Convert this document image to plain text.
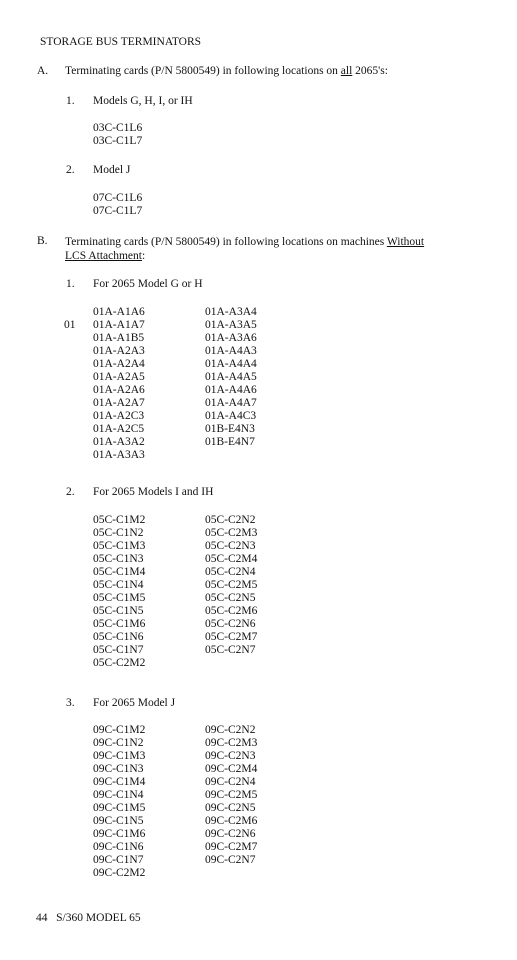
STORAGE BUS TERMINATORS
A. Terminating cards (P/N 5800549) in following locations on all 2065's:
1. Models G, H, I, or IH
03C-C1L6
03C-C1L7
2. Model J
07C-C1L6
07C-C1L7
B. Terminating cards (P/N 5800549) in following locations on machines Without
LCS Attachment:
1. For 2065 Model G or H
01
01A-A1A6
01A-A1A7
01A-A1B5
01A-A2A3
01A-A2A4
01A-A2A5
01A-A2A6
01A-A2A7
01A-A2C3
01A-A2C5
01A-A3A2
01A-A3A3
01A-A3A4
01A-A3A5
01A-A3A6
01A-A4A3
01A-A4A4
01A-A4A5
01A-A4A6
01A-A4A7
01A-A4C3
01B-E4N3
01B-E4N7
2. For 2065 Models I and IH
05C-C1M2
05C-C1N2
05C-C1M3
05C-C1N3
05C-C1M4
05C-C1N4
05C-C1M5
05C-C1N5
05C-C1M6
05C-C1N6
05C-C1N7
05C-C2M2
05C-C2N2
05C-C2M3
05C-C2N3
05C-C2M4
05C-C2N4
05C-C2M5
05C-C2N5
05C-C2M6
05C-C2N6
05C-C2M7
05C-C2N7
3. For 2065 Model J
09C-C1M2
09C-C1N2
09C-C1M3
09C-C1N3
09C-C1M4
09C-C1N4
09C-C1M5
09C-C1N5
09C-C1M6
09C-C1N6
09C-C1N7
09C-C2M2
09C-C2N2
09C-C2M3
09C-C2N3
09C-C2M4
09C-C2N4
09C-C2M5
09C-C2N5
09C-C2M6
09C-C2N6
09C-C2M7
09C-C2N7
44 S/360 MODEL 65
